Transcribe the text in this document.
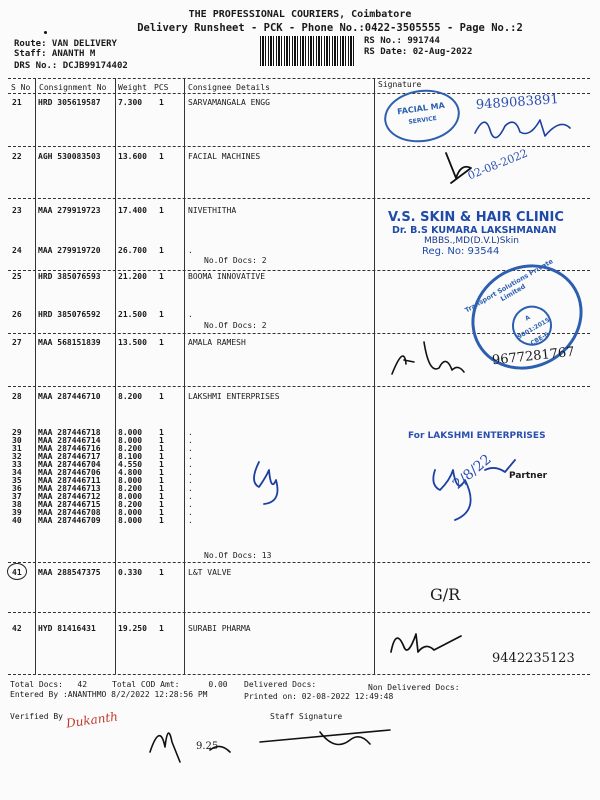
THE PROFESSIONAL COURIERS, Coimbatore
Delivery Runsheet - PCK - Phone No.:0422-3505555 - Page No.:2
Route: VAN DELIVERY
Staff: ANANTH M
DRS No.: DCJB99174402
RS No.: 991744
RS Date: 02-Aug-2022
S No Consignment No Weight PCS Consignee Details	Signature
21 HRD 305619587 7.300 1	SARVAMANGALA ENGG
22 AGH 530083503 13.600 1	FACIAL MACHINES
23 MAA 279919723 17.400 1	NIVETHITHA
24 MAA 279919720 26.700 1	.
25 HRD 385076593 21.200 1	BOOMA INNOVATIVE
26 HRD 385076592 21.500 1	.
27 MAA 568151839 13.500 1	AMALA RAMESH
28 MAA 287446710 8.200 1	LAKSHMI ENTERPRISES
29 MAA 287446718 8.000 1	.
30 MAA 287446714 8.000 1	.
31 MAA 287446716 8.200 1	.
32 MAA 287446717 8.100 1	.
33 MAA 287446704 4.550 1	.
34 MAA 287446706 4.800 1	.
35 MAA 287446711 8.000 1	.
36 MAA 287446713 8.200 1	.
37 MAA 287446712 8.000 1	.
38 MAA 287446715 8.200 1	.
39 MAA 287446708 8.000 1	.
40 MAA 287446709 8.000 1	.
41 MAA 288547375 0.330 1	L&T VALVE
42 HYD 81416431	19.250 1	SURABI PHARMA
No.Of Docs: 2
No.Of Docs: 2
No.Of Docs: 13
FACIAL MA
SERVICE
9489083891
02-08-2022
V.S. SKIN & HAIR CLINIC
Dr. B.S KUMARA LAKSHMANAN
MBBS.,MD(D.V.L)Skin
Reg. No: 93544
Transport Solutions Private Limited
A 9001:2015 CBE-6
9677281767
For LAKSHMI ENTERPRISES
2/8/22 Partner
G/R
9442235123
Total Docs:   42	Total COD Amt:      0.00 Delivered Docs:	Non Delivered Docs:
Entered By :ANANTHMO 8/2/2022 12:28:56 PM	Printed on: 02-08-2022 12:49:48
Verified By	Staff Signature
Dukanth
9.25
